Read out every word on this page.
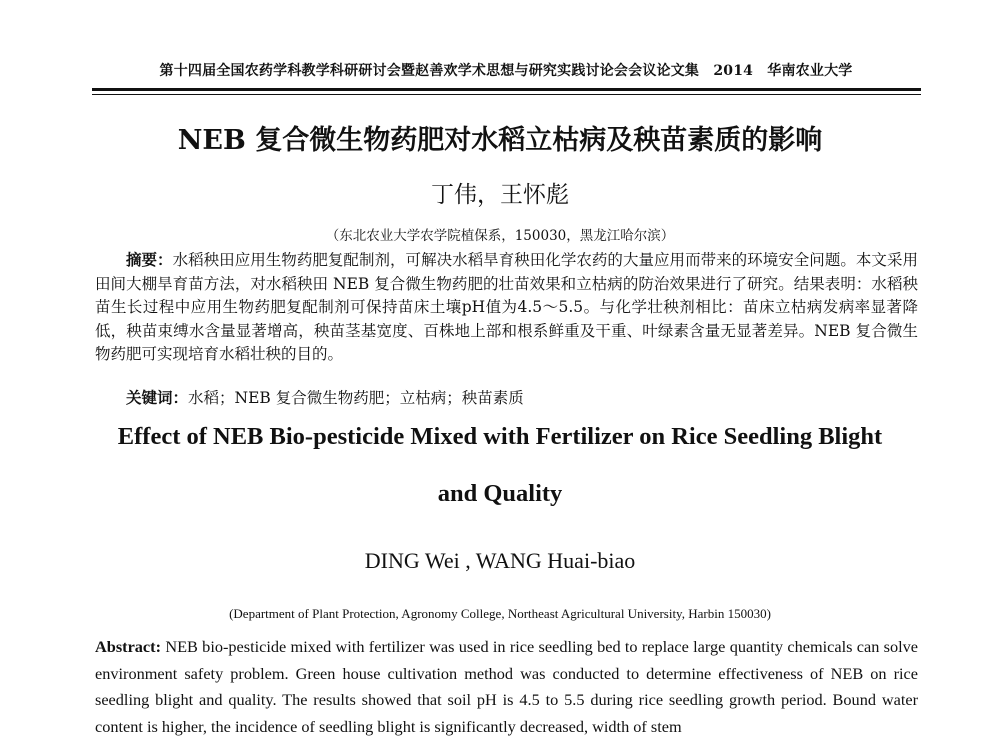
第十四届全国农药学科教学科研研讨会暨赵善欢学术思想与研究实践讨论会会议论文集　2014　华南农业大学
NEB 复合微生物药肥对水稻立枯病及秧苗素质的影响
丁伟，王怀彪
（东北农业大学农学院植保系，150030，黑龙江哈尔滨）

摘要：水稻秧田应用生物药肥复配制剂，可解决水稻旱育秧田化学农药的大量应用而带来的环境安全问题。本文采用田间大棚旱育苗方法，对水稻秧田 NEB 复合微生物药肥的壮苗效果和立枯病的防治效果进行了研究。结果表明：水稻秧苗生长过程中应用生物药肥复配制剂可保持苗床土壤pH值为4.5～5.5。与化学壮秧剂相比：苗床立枯病发病率显著降低，秧苗束缚水含量显著增高，秧苗茎基宽度、百株地上部和根系鲜重及干重、叶绿素含量无显著差异。NEB 复合微生物药肥可实现培育水稻壮秧的目的。

关键词：水稻；NEB 复合微生物药肥；立枯病；秧苗素质
Effect of NEB Bio-pesticide Mixed with Fertilizer on Rice Seedling Blight
and Quality
DING Wei , WANG Huai-biao
(Department of Plant Protection, Agronomy College, Northeast Agricultural University, Harbin 150030)

Abstract: NEB bio-pesticide mixed with fertilizer was used in rice seedling bed to replace large quantity chemicals can solve environment safety problem. Green house cultivation method was conducted to determine effectiveness of NEB on rice seedling blight and quality. The results showed that soil pH is 4.5 to 5.5 during rice seedling growth period. Bound water content is higher, the incidence of seedling blight is significantly decreased, width of stem
